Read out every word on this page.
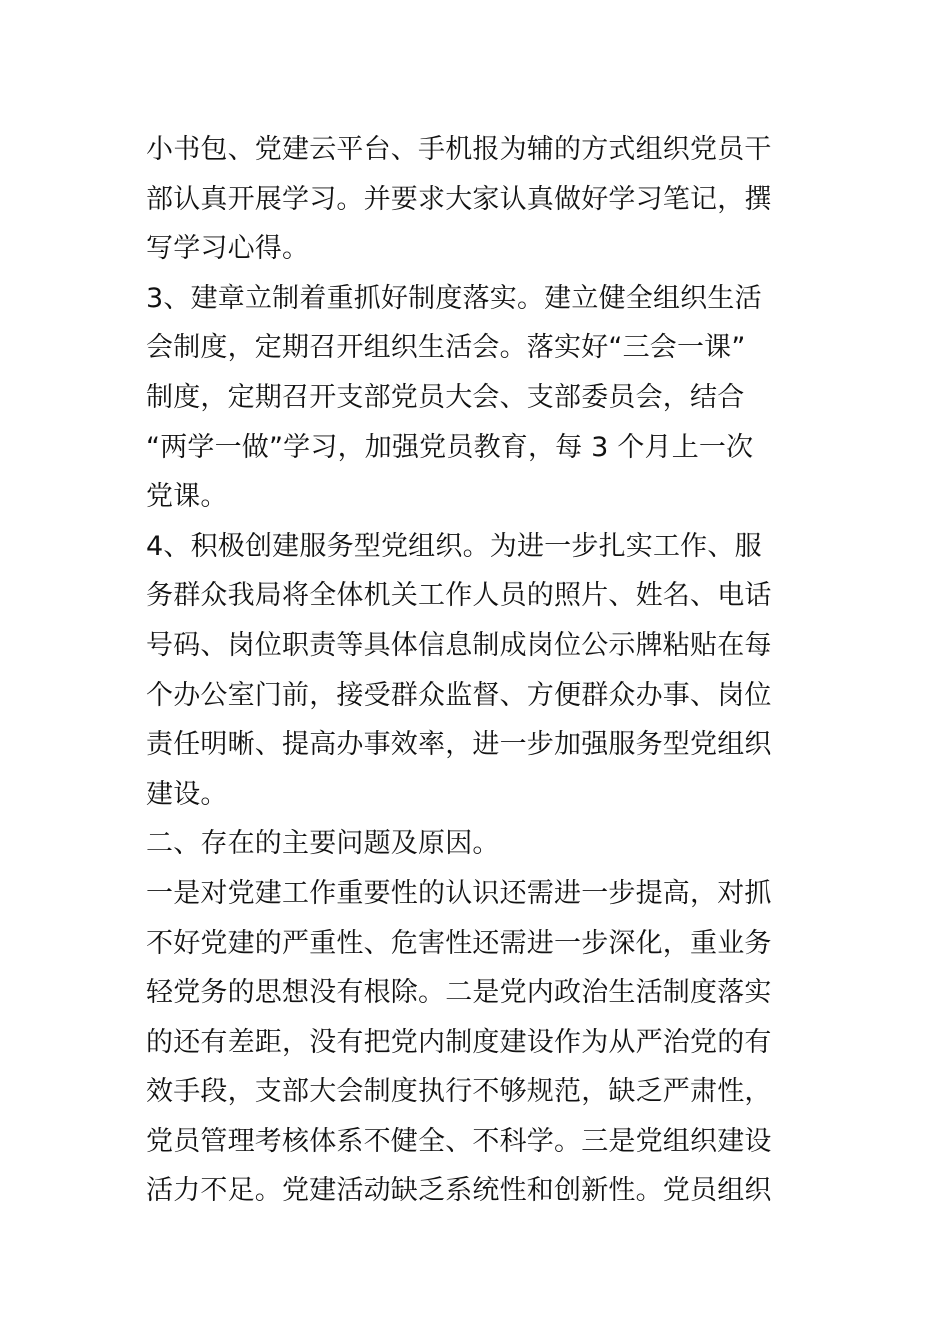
小书包、党建云平台、手机报为辅的方式组织党员干
部认真开展学习。并要求大家认真做好学习笔记，撰
写学习心得。
3、建章立制着重抓好制度落实。建立健全组织生活
会制度，定期召开组织生活会。落实好“三会一课”
制度，定期召开支部党员大会、支部委员会，结合
“两学一做”学习，加强党员教育，每 3 个月上一次
党课。
4、积极创建服务型党组织。为进一步扎实工作、服
务群众我局将全体机关工作人员的照片、姓名、电话
号码、岗位职责等具体信息制成岗位公示牌粘贴在每
个办公室门前，接受群众监督、方便群众办事、岗位
责任明晰、提高办事效率，进一步加强服务型党组织
建设。
二、存在的主要问题及原因。
一是对党建工作重要性的认识还需进一步提高，对抓
不好党建的严重性、危害性还需进一步深化，重业务
轻党务的思想没有根除。二是党内政治生活制度落实
的还有差距，没有把党内制度建设作为从严治党的有
效手段，支部大会制度执行不够规范，缺乏严肃性，
党员管理考核体系不健全、不科学。三是党组织建设
活力不足。党建活动缺乏系统性和创新性。党员组织
